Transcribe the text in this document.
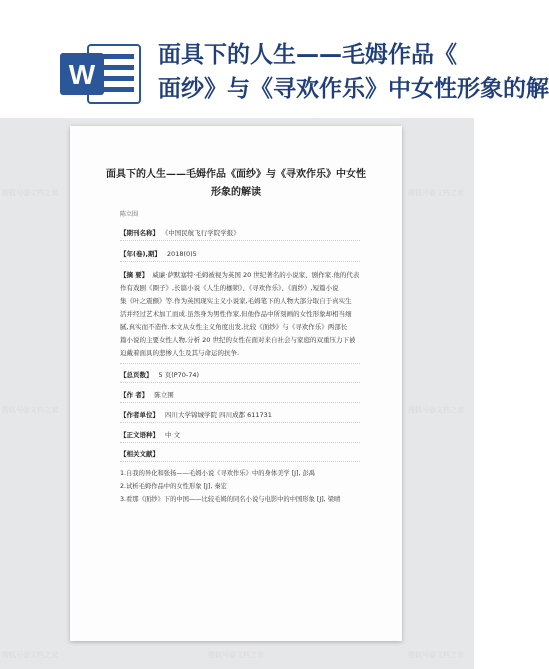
W
面具下的人生——毛姆作品《
面纱》与《寻欢作乐》中女性形象的解
面具下的人生——毛姆作品《面纱》与《寻欢作乐》中女性
形象的解读
陈立围
【期刊名称】 《中国民航飞行学院学报》
【年(卷),期】 2018(0)5
【摘 要】 威廉·萨默塞特·毛姆被视为英国 20 世纪著名的小说家、剧作家.他的代表
作有戏剧《圈子》,长篇小说《人生的枷锁》、《寻欢作乐》、《面纱》,短篇小说
集《叶之震颤》等.作为英国现实主义小说家,毛姆笔下的人物大部分取自于真实生
活并经过艺术加工而成.虽然身为男性作家,但他作品中所刻画的女性形象却相当细
腻,真实而不造作.本文从女性主义角度出发,比较《面纱》与《寻欢作乐》两部长
篇小说的主要女性人物,分析 20 世纪的女性在面对来自社会与家庭的双重压力下被
迫戴着面具的悲惨人生及其与命运的抗争.
【总页数】 5 页(P70-74)
【作 者】 陈立围
【作者单位】 四川大学锦城学院 四川成都 611731
【正文语种】 中 文
【相关文献】
1.自我的异化和张扬——毛姆小说《寻欢作乐》中的身体美学 [J], 彭禹
2.试析毛姆作品中的女性形象 [J], 秦宏
3.看那《面纱》下的中国——比较毛姆的同名小说与电影中的中国形象 [J], 梁晴
搜狐号@文档之家	搜狐号@文档之家
搜狐号@文档之家	搜狐号@文档之家
搜狐号@文档之家	搜狐号@文档之家	搜狐号@文档之家
